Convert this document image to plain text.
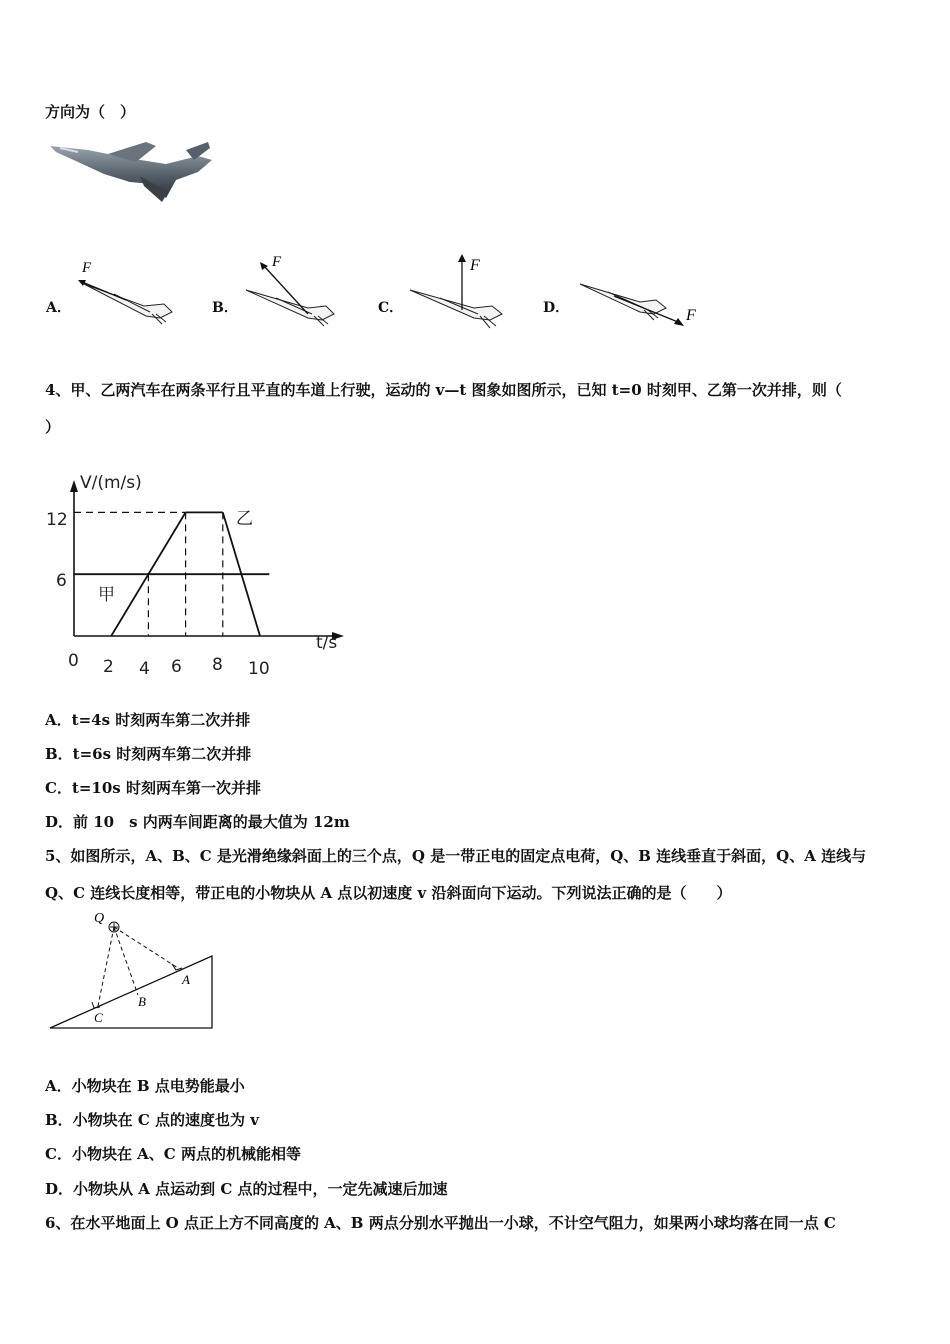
方向为（　）
A．
F
B．
F
C．
F
D．	F
4、甲、乙两汽车在两条平行且平直的车道上行驶，运动的 v—t 图象如图所示，已知 t=0 时刻甲、乙第一次并排，则（
）
V/(m/s)
t/s
12
6
0 2 4 6 8 10
甲
乙
A．t=4s 时刻两车第二次并排
B．t=6s 时刻两车第二次并排
C．t=10s 时刻两车第一次并排
D．前 10　s 内两车间距离的最大值为 12m
5、如图所示，A、B、C 是光滑绝缘斜面上的三个点，Q 是一带正电的固定点电荷，Q、B 连线垂直于斜面，Q、A 连线与
Q、C 连线长度相等，带正电的小物块从 A 点以初速度 v 沿斜面向下运动。下列说法正确的是（　　）
Q
A
B
C
A．小物块在 B 点电势能最小
B．小物块在 C 点的速度也为 v
C．小物块在 A、C 两点的机械能相等
D．小物块从 A 点运动到 C 点的过程中，一定先减速后加速
6、在水平地面上 O 点正上方不同高度的 A、B 两点分别水平抛出一小球，不计空气阻力，如果两小球均落在同一点 C
